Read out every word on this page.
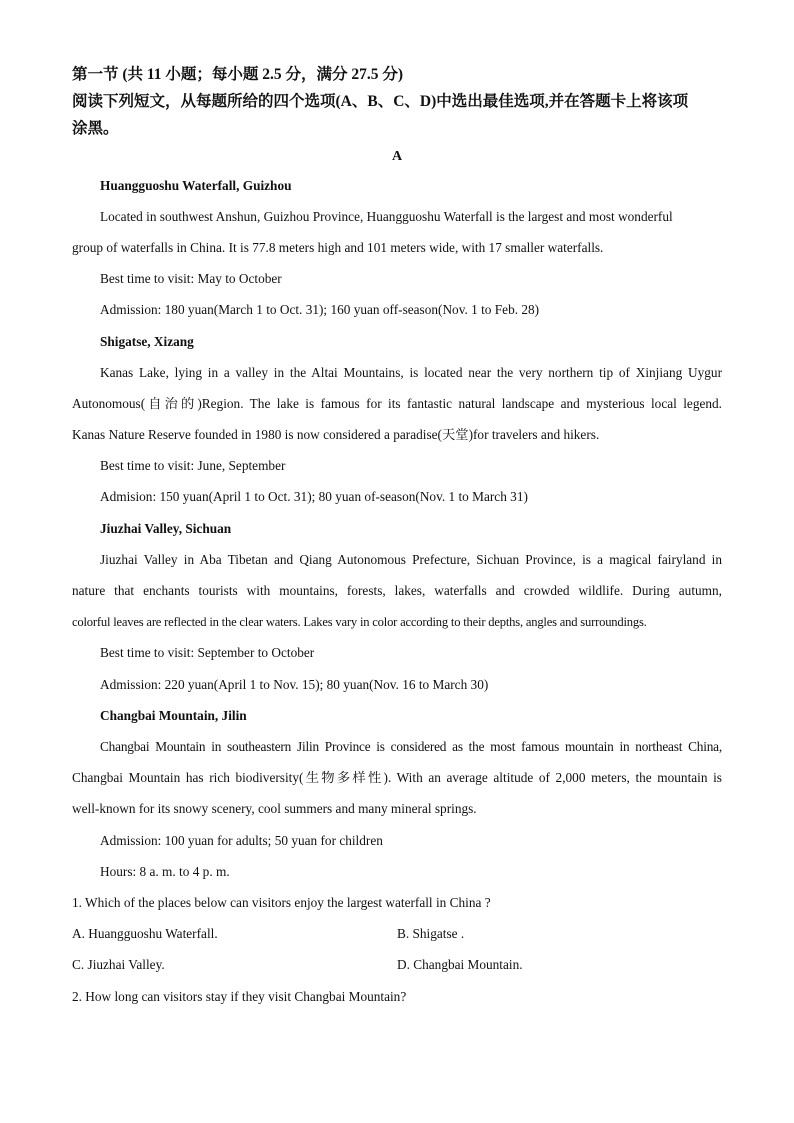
第一节 (共 11 小题；每小题 2.5 分，满分 27.5 分)
阅读下列短文，从每题所给的四个选项(A、B、C、D)中选出最佳选项,并在答题卡上将该项
涂黑。
A
Huangguoshu Waterfall, Guizhou
Located in southwest Anshun, Guizhou Province, Huangguoshu Waterfall is the largest and most wonderful
group of waterfalls in China. It is 77.8 meters high and 101 meters wide, with 17 smaller waterfalls.
Best time to visit: May to October
Admission: 180 yuan(March 1 to Oct. 31); 160 yuan off-season(Nov. 1 to Feb. 28)
Shigatse, Xizang
Kanas Lake, lying in a valley in the Altai Mountains, is located near the very northern tip of Xinjiang Uygur
Autonomous(自治的)Region. The lake is famous for its fantastic natural landscape and mysterious local legend.
Kanas Nature Reserve founded in 1980 is now considered a paradise(天堂)for travelers and hikers.
Best time to visit: June, September
Admision: 150 yuan(April 1 to Oct. 31); 80 yuan of-season(Nov. 1 to March 31)
Jiuzhai Valley, Sichuan
Jiuzhai Valley in Aba Tibetan and Qiang Autonomous Prefecture, Sichuan Province, is a magical fairyland in
nature that enchants tourists with mountains, forests, lakes, waterfalls and crowded wildlife. During autumn,
colorful leaves are reflected in the clear waters. Lakes vary in color according to their depths, angles and surroundings.
Best time to visit: September to October
Admission: 220 yuan(April 1 to Nov. 15); 80 yuan(Nov. 16 to March 30)
Changbai Mountain, Jilin
Changbai Mountain in southeastern Jilin Province is considered as the most famous mountain in northeast China,
Changbai Mountain has rich biodiversity(生物多样性). With an average altitude of 2,000 meters, the mountain is
well-known for its snowy scenery, cool summers and many mineral springs.
Admission: 100 yuan for adults; 50 yuan for children
Hours: 8 a. m. to 4 p. m.
1. Which of the places below can visitors enjoy the largest waterfall in China ?
A. Huangguoshu Waterfall.	B. Shigatse .
C. Jiuzhai Valley.	D. Changbai Mountain.
2. How long can visitors stay if they visit Changbai Mountain?
